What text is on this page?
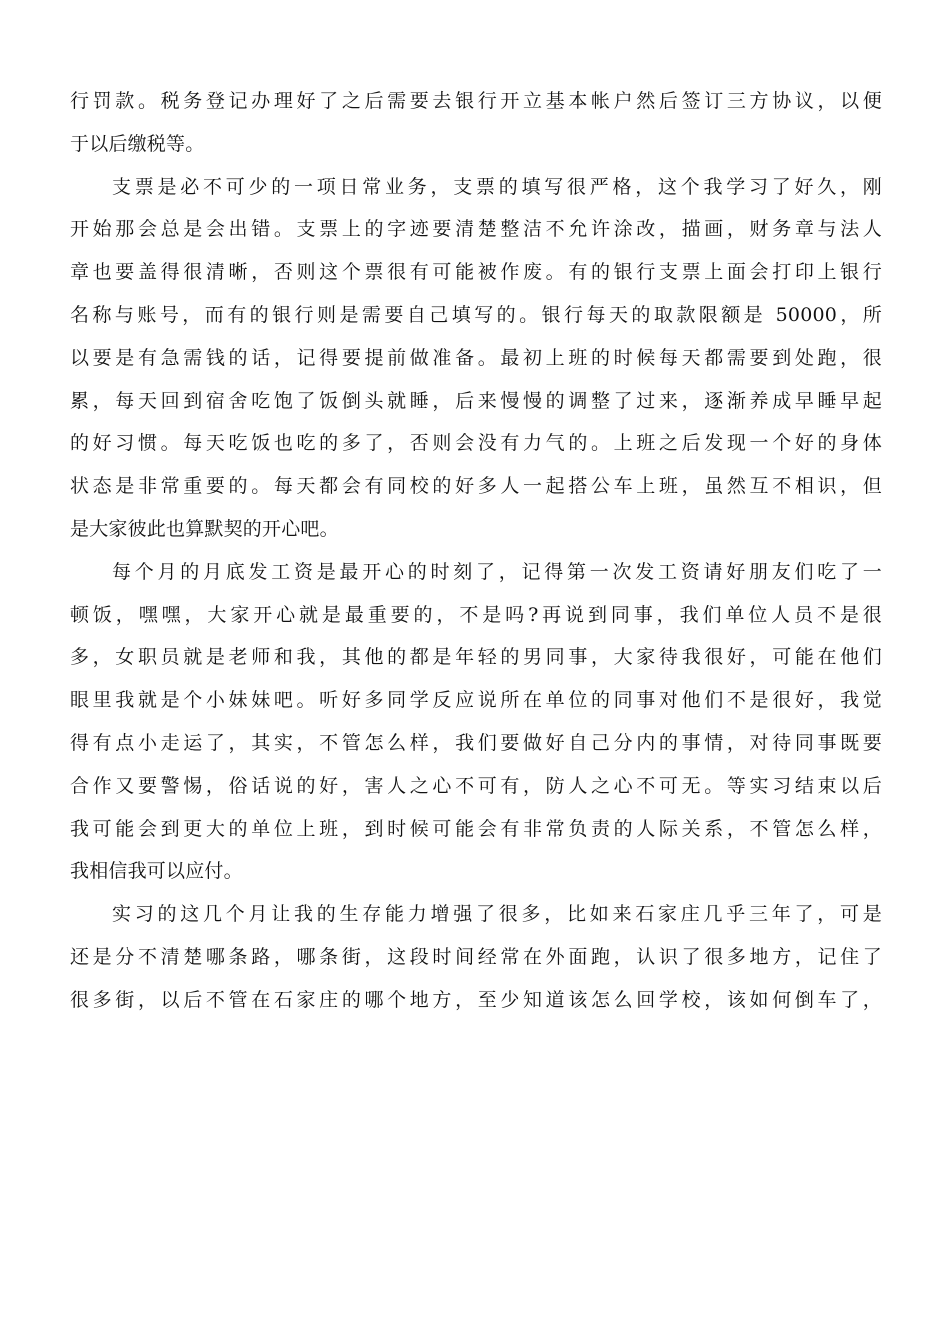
行罚款。税务登记办理好了之后需要去银行开立基本帐户然后签订三方协议，以便
于以后缴税等。
支票是必不可少的一项日常业务，支票的填写很严格，这个我学习了好久，刚
开始那会总是会出错。支票上的字迹要清楚整洁不允许涂改，描画，财务章与法人
章也要盖得很清晰，否则这个票很有可能被作废。有的银行支票上面会打印上银行
名称与账号，而有的银行则是需要自己填写的。银行每天的取款限额是 50000，所
以要是有急需钱的话，记得要提前做准备。最初上班的时候每天都需要到处跑，很
累，每天回到宿舍吃饱了饭倒头就睡，后来慢慢的调整了过来，逐渐养成早睡早起
的好习惯。每天吃饭也吃的多了，否则会没有力气的。上班之后发现一个好的身体
状态是非常重要的。每天都会有同校的好多人一起搭公车上班，虽然互不相识，但
是大家彼此也算默契的开心吧。
每个月的月底发工资是最开心的时刻了，记得第一次发工资请好朋友们吃了一
顿饭，嘿嘿，大家开心就是最重要的，不是吗?再说到同事，我们单位人员不是很
多，女职员就是老师和我，其他的都是年轻的男同事，大家待我很好，可能在他们
眼里我就是个小妹妹吧。听好多同学反应说所在单位的同事对他们不是很好，我觉
得有点小走运了，其实，不管怎么样，我们要做好自己分内的事情，对待同事既要
合作又要警惕，俗话说的好，害人之心不可有，防人之心不可无。等实习结束以后
我可能会到更大的单位上班，到时候可能会有非常负责的人际关系，不管怎么样，
我相信我可以应付。
实习的这几个月让我的生存能力增强了很多，比如来石家庄几乎三年了，可是
还是分不清楚哪条路，哪条街，这段时间经常在外面跑，认识了很多地方，记住了
很多街，以后不管在石家庄的哪个地方，至少知道该怎么回学校，该如何倒车了，
